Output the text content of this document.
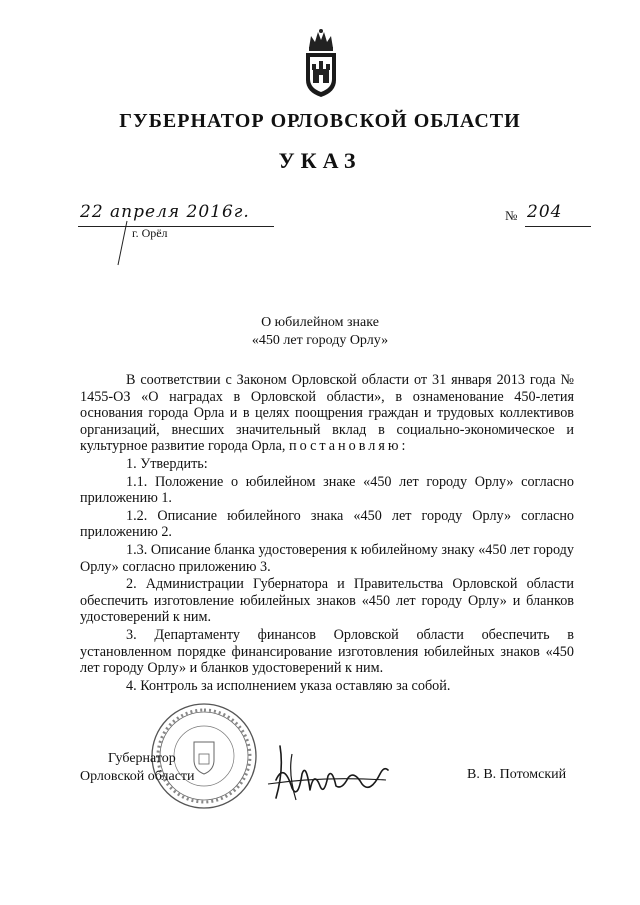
ГУБЕРНАТОР ОРЛОВСКОЙ ОБЛАСТИ
УКАЗ
22 апреля 2016г.
г. Орёл
№ 204
О юбилейном знаке
«450 лет городу Орлу»

В соответствии с Законом Орловской области от 31 января 2013 года № 1455-ОЗ «О наградах в Орловской области», в ознаменование 450-летия основания города Орла и в целях поощрения граждан и трудовых коллективов организаций, внесших значительный вклад в социально-экономическое и культурное развитие города Орла, постановляю:

1. Утвердить:

1.1. Положение о юбилейном знаке «450 лет городу Орлу» согласно приложению 1.

1.2. Описание юбилейного знака «450 лет городу Орлу» согласно приложению 2.

1.3. Описание бланка удостоверения к юбилейному знаку «450 лет городу Орлу» согласно приложению 3.

2. Администрации Губернатора и Правительства Орловской области обеспечить изготовление юбилейных знаков «450 лет городу Орлу» и бланков удостоверений к ним.

3. Департаменту финансов Орловской области обеспечить в установленном порядке финансирование изготовления юбилейных знаков «450 лет городу Орлу» и бланков удостоверений к ним.

4. Контроль за исполнением указа оставляю за собой.

Губернатор
Орловской области	В. В. Потомский
